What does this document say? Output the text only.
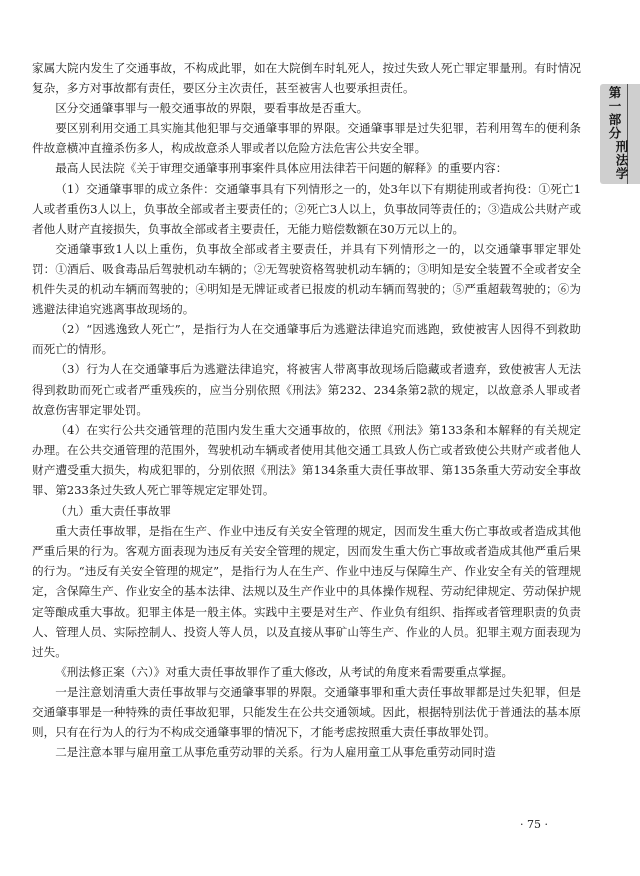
家属大院内发生了交通事故，不构成此罪，如在大院倒车时轧死人，按过失致人死亡罪定罪量刑。有时情况复杂，多方对事故都有责任，要区分主次责任，甚至被害人也要承担责任。

区分交通肇事罪与一般交通事故的界限，要看事故是否重大。

要区别利用交通工具实施其他犯罪与交通肇事罪的界限。交通肇事罪是过失犯罪，若利用驾车的便利条件故意横冲直撞杀伤多人，构成故意杀人罪或者以危险方法危害公共安全罪。

最高人民法院《关于审理交通肇事刑事案件具体应用法律若干问题的解释》的重要内容：

（1）交通肇事罪的成立条件：交通肇事具有下列情形之一的，处3年以下有期徒刑或者拘役：①死亡1人或者重伤3人以上，负事故全部或者主要责任的；②死亡3人以上，负事故同等责任的；③造成公共财产或者他人财产直接损失，负事故全部或者主要责任，无能力赔偿数额在30万元以上的。

交通肇事致1人以上重伤，负事故全部或者主要责任，并具有下列情形之一的，以交通肇事罪定罪处罚：①酒后、吸食毒品后驾驶机动车辆的；②无驾驶资格驾驶机动车辆的；③明知是安全装置不全或者安全机件失灵的机动车辆而驾驶的；④明知是无牌证或者已报废的机动车辆而驾驶的；⑤严重超载驾驶的；⑥为逃避法律追究逃离事故现场的。

（2）“因逃逸致人死亡”，是指行为人在交通肇事后为逃避法律追究而逃跑，致使被害人因得不到救助而死亡的情形。

（3）行为人在交通肇事后为逃避法律追究，将被害人带离事故现场后隐藏或者遗弃，致使被害人无法得到救助而死亡或者严重残疾的，应当分别依照《刑法》第232、234条第2款的规定，以故意杀人罪或者故意伤害罪定罪处罚。

（4）在实行公共交通管理的范围内发生重大交通事故的，依照《刑法》第133条和本解释的有关规定办理。在公共交通管理的范围外，驾驶机动车辆或者使用其他交通工具致人伤亡或者致使公共财产或者他人财产遭受重大损失，构成犯罪的，分别依照《刑法》第134条重大责任事故罪、第135条重大劳动安全事故罪、第233条过失致人死亡罪等规定定罪处罚。

（九）重大责任事故罪

重大责任事故罪，是指在生产、作业中违反有关安全管理的规定，因而发生重大伤亡事故或者造成其他严重后果的行为。客观方面表现为违反有关安全管理的规定，因而发生重大伤亡事故或者造成其他严重后果的行为。“违反有关安全管理的规定”，是指行为人在生产、作业中违反与保障生产、作业安全有关的管理规定，含保障生产、作业安全的基本法律、法规以及生产作业中的具体操作规程、劳动纪律规定、劳动保护规定等酿成重大事故。犯罪主体是一般主体。实践中主要是对生产、作业负有组织、指挥或者管理职责的负责人、管理人员、实际控制人、投资人等人员，以及直接从事矿山等生产、作业的人员。犯罪主观方面表现为过失。

《刑法修正案（六）》对重大责任事故罪作了重大修改，从考试的角度来看需要重点掌握。

一是注意划清重大责任事故罪与交通肇事罪的界限。交通肇事罪和重大责任事故罪都是过失犯罪，但是交通肇事罪是一种特殊的责任事故犯罪，只能发生在公共交通领域。因此，根据特别法优于普通法的基本原则，只有在行为人的行为不构成交通肇事罪的情况下，才能考虑按照重大责任事故罪处罚。

二是注意本罪与雇用童工从事危重劳动罪的关系。行为人雇用童工从事危重劳动同时造

第一部分
刑法学
· 75 ·
